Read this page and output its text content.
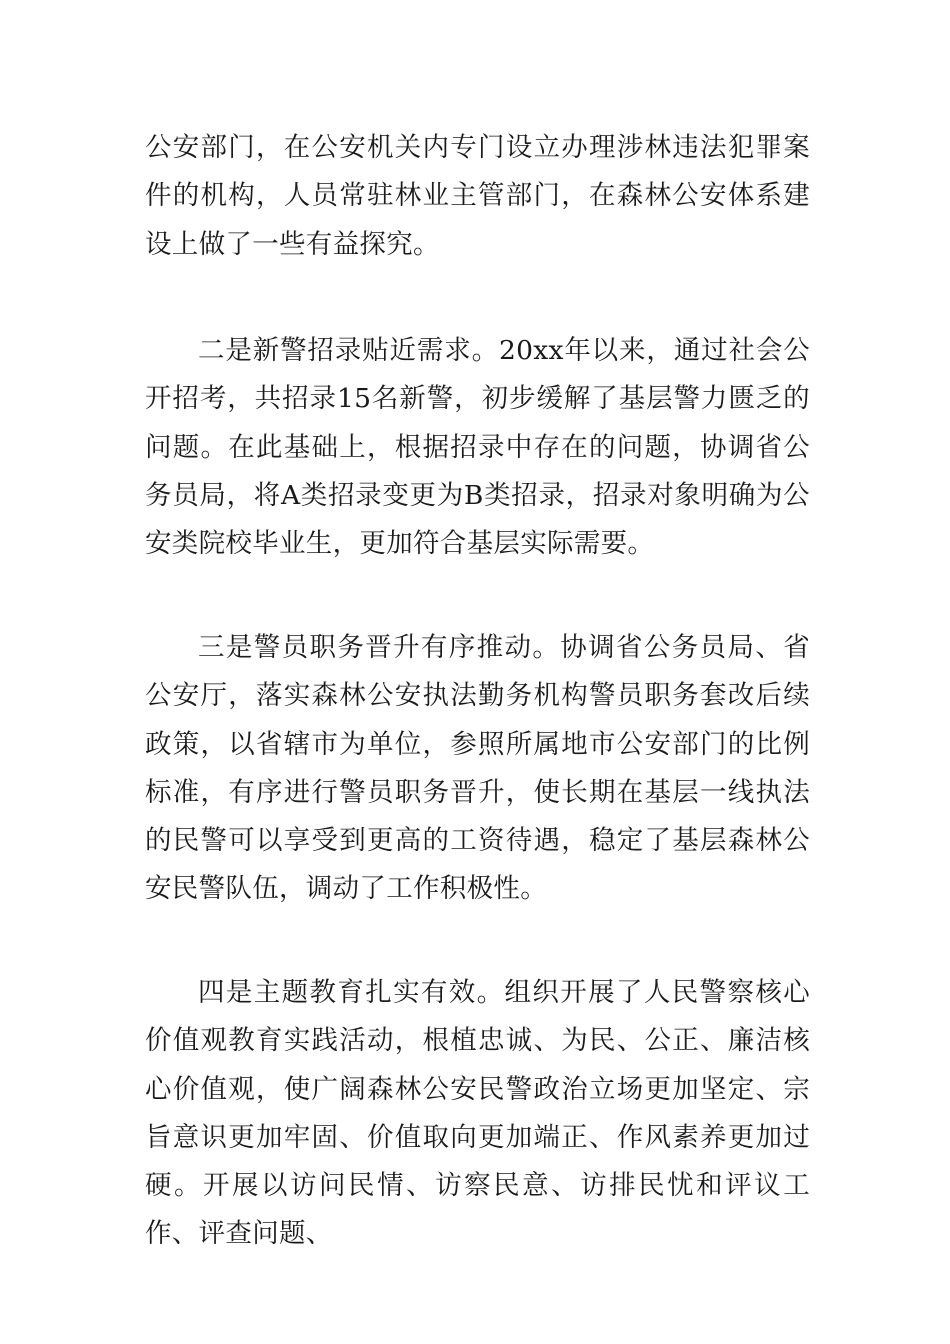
公安部门，在公安机关内专门设立办理涉林违法犯罪案件的机构，人员常驻林业主管部门，在森林公安体系建设上做了一些有益探究。

二是新警招录贴近需求。20xx年以来，通过社会公开招考，共招录15名新警，初步缓解了基层警力匮乏的问题。在此基础上，根据招录中存在的问题，协调省公务员局，将A类招录变更为B类招录，招录对象明确为公安类院校毕业生，更加符合基层实际需要。

三是警员职务晋升有序推动。协调省公务员局、省公安厅，落实森林公安执法勤务机构警员职务套改后续政策，以省辖市为单位，参照所属地市公安部门的比例标准，有序进行警员职务晋升，使长期在基层一线执法的民警可以享受到更高的工资待遇，稳定了基层森林公安民警队伍，调动了工作积极性。

四是主题教育扎实有效。组织开展了人民警察核心价值观教育实践活动，根植忠诚、为民、公正、廉洁核心价值观，使广阔森林公安民警政治立场更加坚定、宗旨意识更加牢固、价值取向更加端正、作风素养更加过硬。开展以访问民情、访察民意、访排民忧和评议工作、评查问题、
